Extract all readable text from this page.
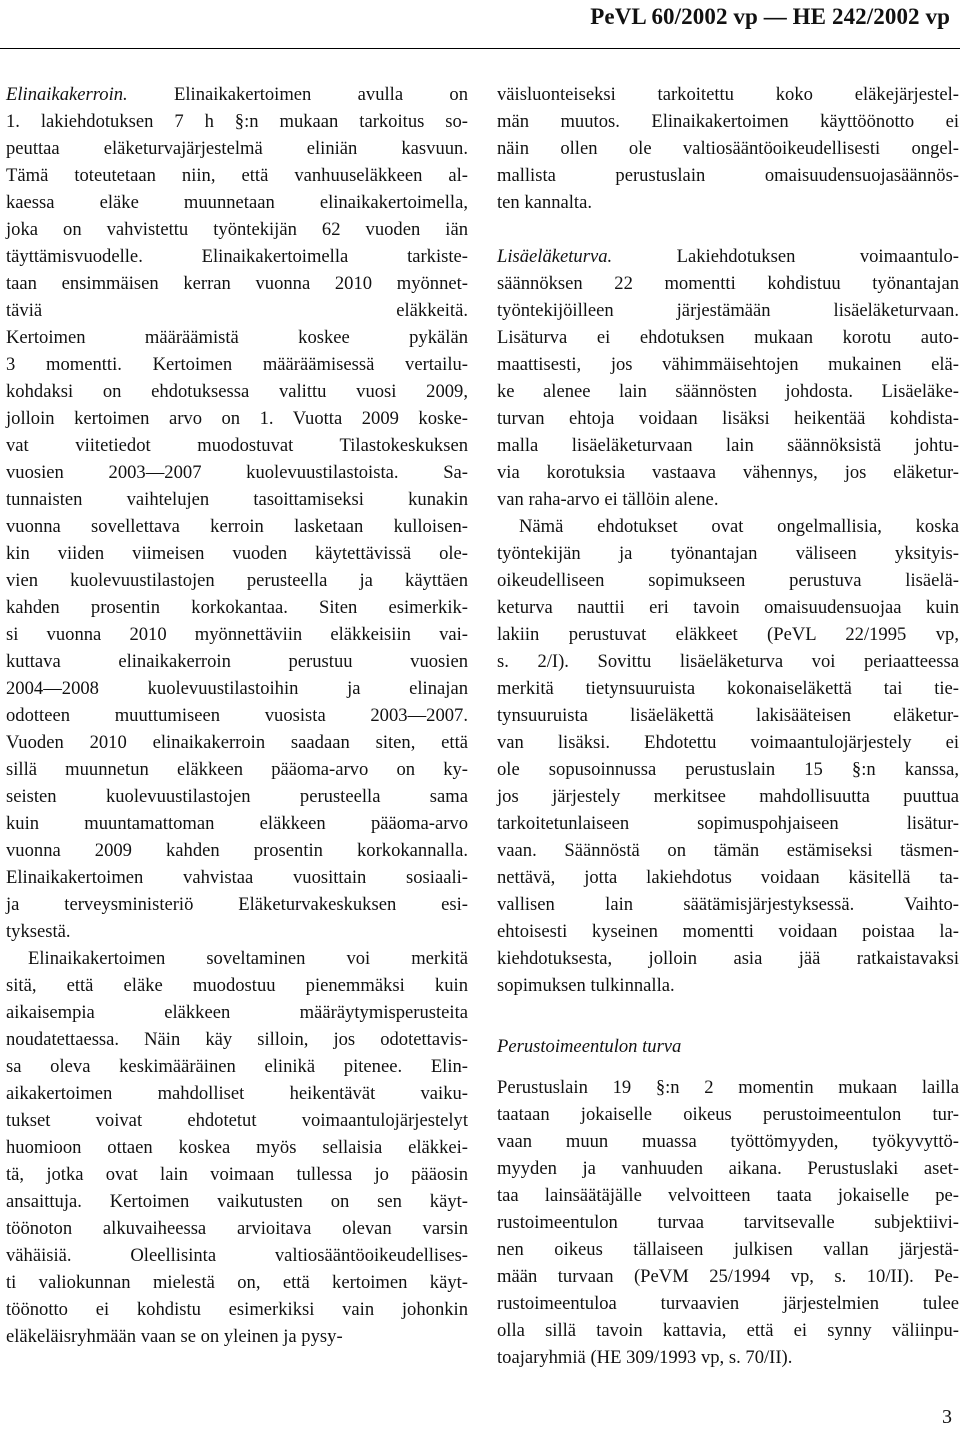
PeVL 60/2002 vp — HE 242/2002 vp
Elinaikakerroin. Elinaikakertoimen avulla on
1. lakiehdotuksen 7 h §:n mukaan tarkoitus so-
peuttaa eläketurvajärjestelmä eliniän kasvuun.
Tämä toteutetaan niin, että vanhuuseläkkeen al-
kaessa eläke muunnetaan elinaikakertoimella,
joka on vahvistettu työntekijän 62 vuoden iän
täyttämisvuodelle. Elinaikakertoimella tarkiste-
taan ensimmäisen kerran vuonna 2010 myönnet-
täviä eläkkeitä.
Kertoimen määräämistä koskee pykälän
3 momentti. Kertoimen määräämisessä vertailu-
kohdaksi on ehdotuksessa valittu vuosi 2009,
jolloin kertoimen arvo on 1. Vuotta 2009 koske-
vat viitetiedot muodostuvat Tilastokeskuksen
vuosien 2003—2007 kuolevuustilastoista. Sa-
tunnaisten vaihtelujen tasoittamiseksi kunakin
vuonna sovellettava kerroin lasketaan kulloisen-
kin viiden viimeisen vuoden käytettävissä ole-
vien kuolevuustilastojen perusteella ja käyttäen
kahden prosentin korkokantaa. Siten esimerkik-
si vuonna 2010 myönnettäviin eläkkeisiin vai-
kuttava elinaikakerroin perustuu vuosien
2004—2008 kuolevuustilastoihin ja elinajan
odotteen muuttumiseen vuosista 2003—2007.
Vuoden 2010 elinaikakerroin saadaan siten, että
sillä muunnetun eläkkeen pääoma-arvo on ky-
seisten kuolevuustilastojen perusteella sama
kuin muuntamattoman eläkkeen pääoma-arvo
vuonna 2009 kahden prosentin korkokannalla.
Elinaikakertoimen vahvistaa vuosittain sosiaali-
ja terveysministeriö Eläketurvakeskuksen esi-
tyksestä.
Elinaikakertoimen soveltaminen voi merkitä
sitä, että eläke muodostuu pienemmäksi kuin
aikaisempia eläkkeen määräytymisperusteita
noudatettaessa. Näin käy silloin, jos odotettavis-
sa oleva keskimääräinen elinikä pitenee. Elin-
aikakertoimen mahdolliset heikentävät vaiku-
tukset voivat ehdotetut voimaantulojärjestelyt
huomioon ottaen koskea myös sellaisia eläkkei-
tä, jotka ovat lain voimaan tullessa jo pääosin
ansaittuja. Kertoimen vaikutusten on sen käyt-
töönoton alkuvaiheessa arvioitava olevan varsin
vähäisiä. Oleellisinta valtiosääntöoikeudellises-
ti valiokunnan mielestä on, että kertoimen käyt-
töönotto ei kohdistu esimerkiksi vain johonkin
eläkeläisryhmään vaan se on yleinen ja pysy-
väisluonteiseksi tarkoitettu koko eläkejärjestel-
män muutos. Elinaikakertoimen käyttöönotto ei
näin ollen ole valtiosääntöoikeudellisesti ongel-
mallista perustuslain omaisuudensuojasäännös-
ten kannalta.
Lisäeläketurva.	Lakiehdotuksen voimaantulo-
säännöksen 22 momentti kohdistuu työnantajan
työntekijöilleen järjestämään lisäeläketurvaan.
Lisäturva ei ehdotuksen mukaan korotu auto-
maattisesti, jos vähimmäisehtojen mukainen elä-
ke alenee lain säännösten johdosta. Lisäeläke-
turvan ehtoja voidaan lisäksi heikentää kohdista-
malla lisäeläketurvaan lain säännöksistä johtu-
via korotuksia vastaava vähennys, jos eläketur-
van raha-arvo ei tällöin alene.
Nämä ehdotukset ovat ongelmallisia, koska
työntekijän ja työnantajan väliseen yksityis-
oikeudelliseen sopimukseen perustuva lisäelä-
keturva nauttii eri tavoin omaisuudensuojaa kuin
lakiin perustuvat eläkkeet (PeVL 22/1995 vp,
s. 2/I). Sovittu lisäeläketurva voi periaatteessa
merkitä tietynsuuruista kokonaiseläkettä tai tie-
tynsuuruista lisäeläkettä lakisääteisen eläketur-
van lisäksi. Ehdotettu voimaantulojärjestely ei
ole sopusoinnussa perustuslain 15 §:n kanssa,
jos järjestely merkitsee mahdollisuutta puuttua
tarkoitetunlaiseen sopimuspohjaiseen lisätur-
vaan. Säännöstä on tämän estämiseksi täsmen-
nettävä, jotta lakiehdotus voidaan käsitellä ta-
vallisen lain säätämisjärjestyksessä. Vaihto-
ehtoisesti kyseinen momentti voidaan poistaa la-
kiehdotuksesta, jolloin asia jää ratkaistavaksi
sopimuksen tulkinnalla.
Perustoimeentulon turva
Perustuslain 19 §:n 2 momentin mukaan lailla
taataan jokaiselle oikeus perustoimeentulon tur-
vaan muun muassa työttömyyden, työkyvyttö-
myyden ja vanhuuden aikana. Perustuslaki aset-
taa lainsäätäjälle velvoitteen taata jokaiselle pe-
rustoimeentulon turvaa tarvitsevalle subjektiivi-
nen oikeus tällaiseen julkisen vallan järjestä-
mään turvaan (PeVM 25/1994 vp, s. 10/II). Pe-
rustoimeentuloa turvaavien järjestelmien tulee
olla sillä tavoin kattavia, että ei synny väliinpu-
toajaryhmiä (HE 309/1993 vp, s. 70/II).
3
